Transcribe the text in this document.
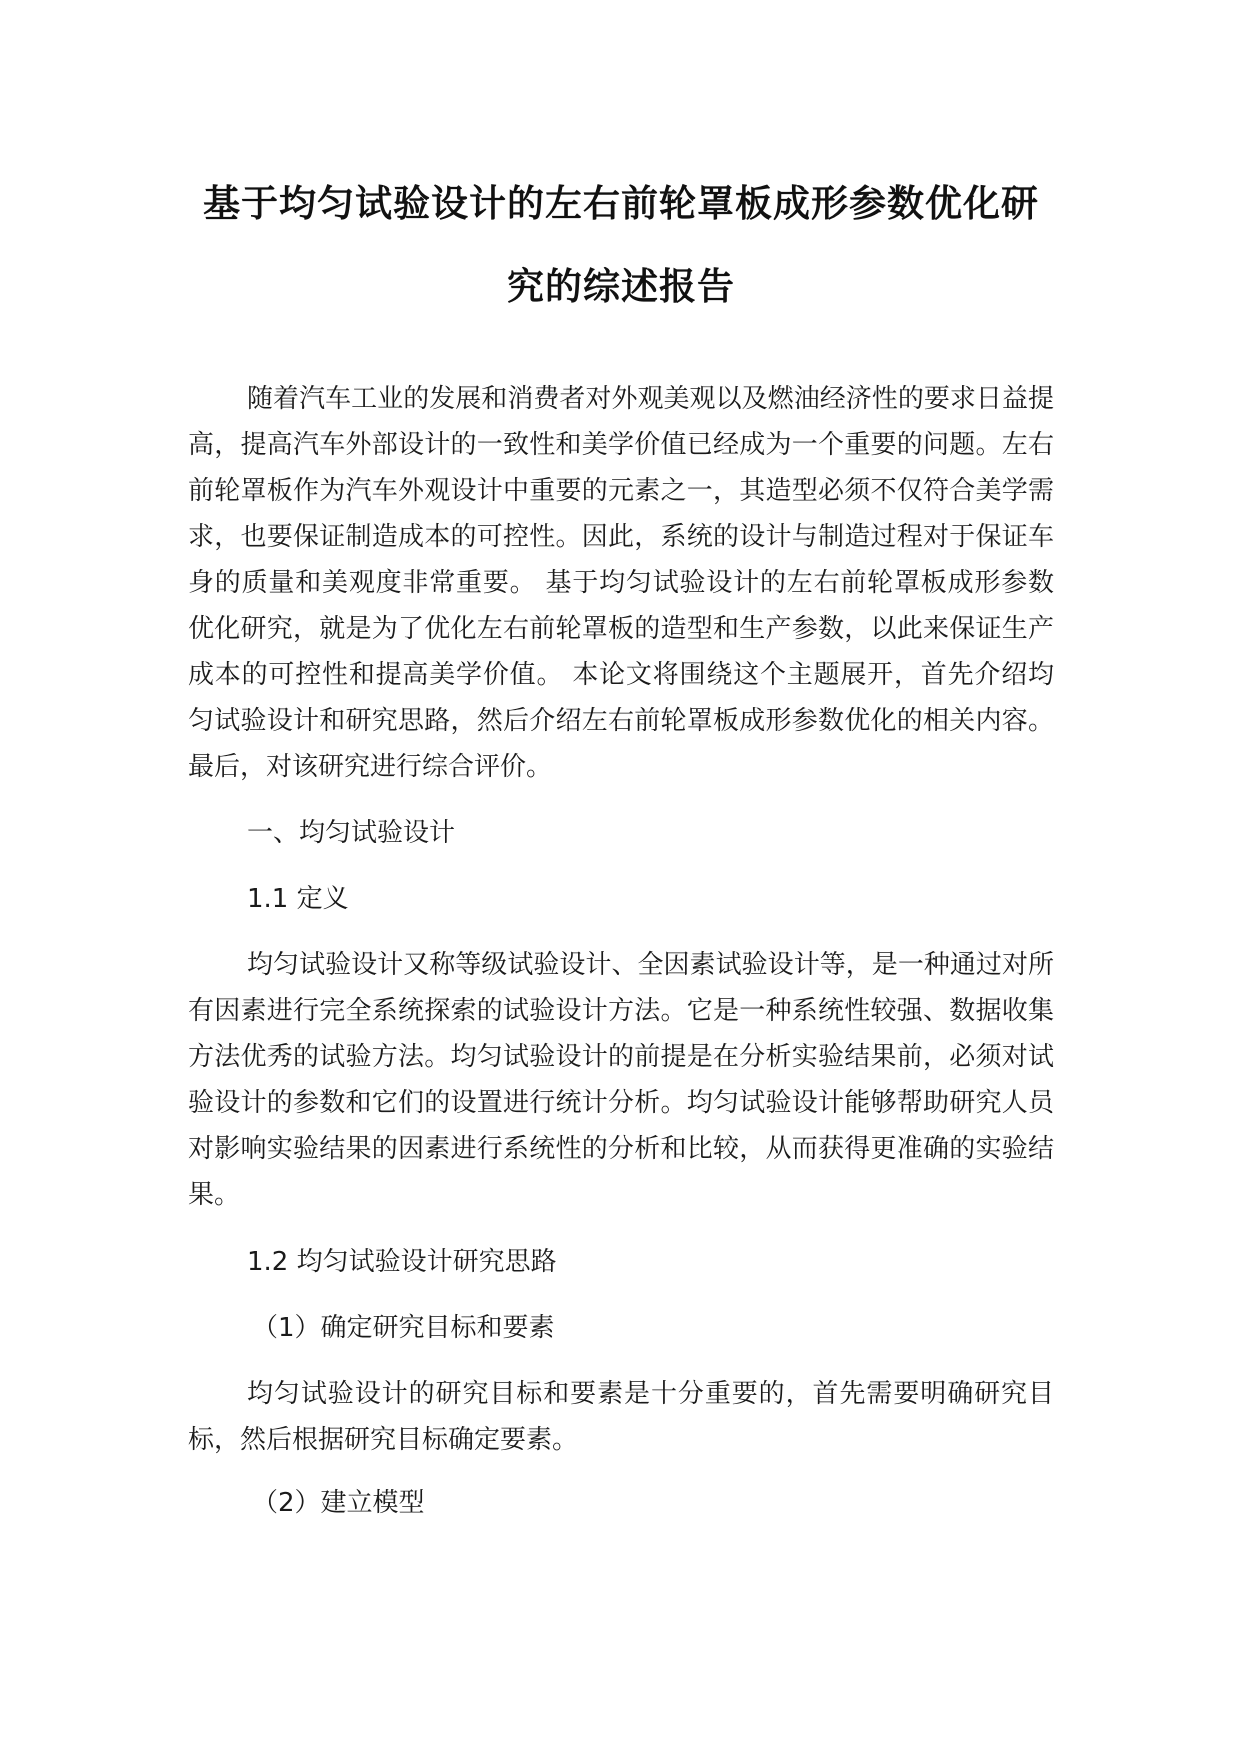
基于均匀试验设计的左右前轮罩板成形参数优化研
究的综述报告

随着汽车工业的发展和消费者对外观美观以及燃油经济性的要求日益提高，提高汽车外部设计的一致性和美学价值已经成为一个重要的问题。左右前轮罩板作为汽车外观设计中重要的元素之一，其造型必须不仅符合美学需求，也要保证制造成本的可控性。因此，系统的设计与制造过程对于保证车身的质量和美观度非常重要。 基于均匀试验设计的左右前轮罩板成形参数优化研究，就是为了优化左右前轮罩板的造型和生产参数，以此来保证生产成本的可控性和提高美学价值。 本论文将围绕这个主题展开，首先介绍均匀试验设计和研究思路，然后介绍左右前轮罩板成形参数优化的相关内容。最后，对该研究进行综合评价。

一、均匀试验设计

1.1 定义

均匀试验设计又称等级试验设计、全因素试验设计等，是一种通过对所有因素进行完全系统探索的试验设计方法。它是一种系统性较强、数据收集方法优秀的试验方法。均匀试验设计的前提是在分析实验结果前，必须对试验设计的参数和它们的设置进行统计分析。均匀试验设计能够帮助研究人员对影响实验结果的因素进行系统性的分析和比较，从而获得更准确的实验结果。

1.2 均匀试验设计研究思路

（1）确定研究目标和要素

均匀试验设计的研究目标和要素是十分重要的，首先需要明确研究目标，然后根据研究目标确定要素。

（2）建立模型
